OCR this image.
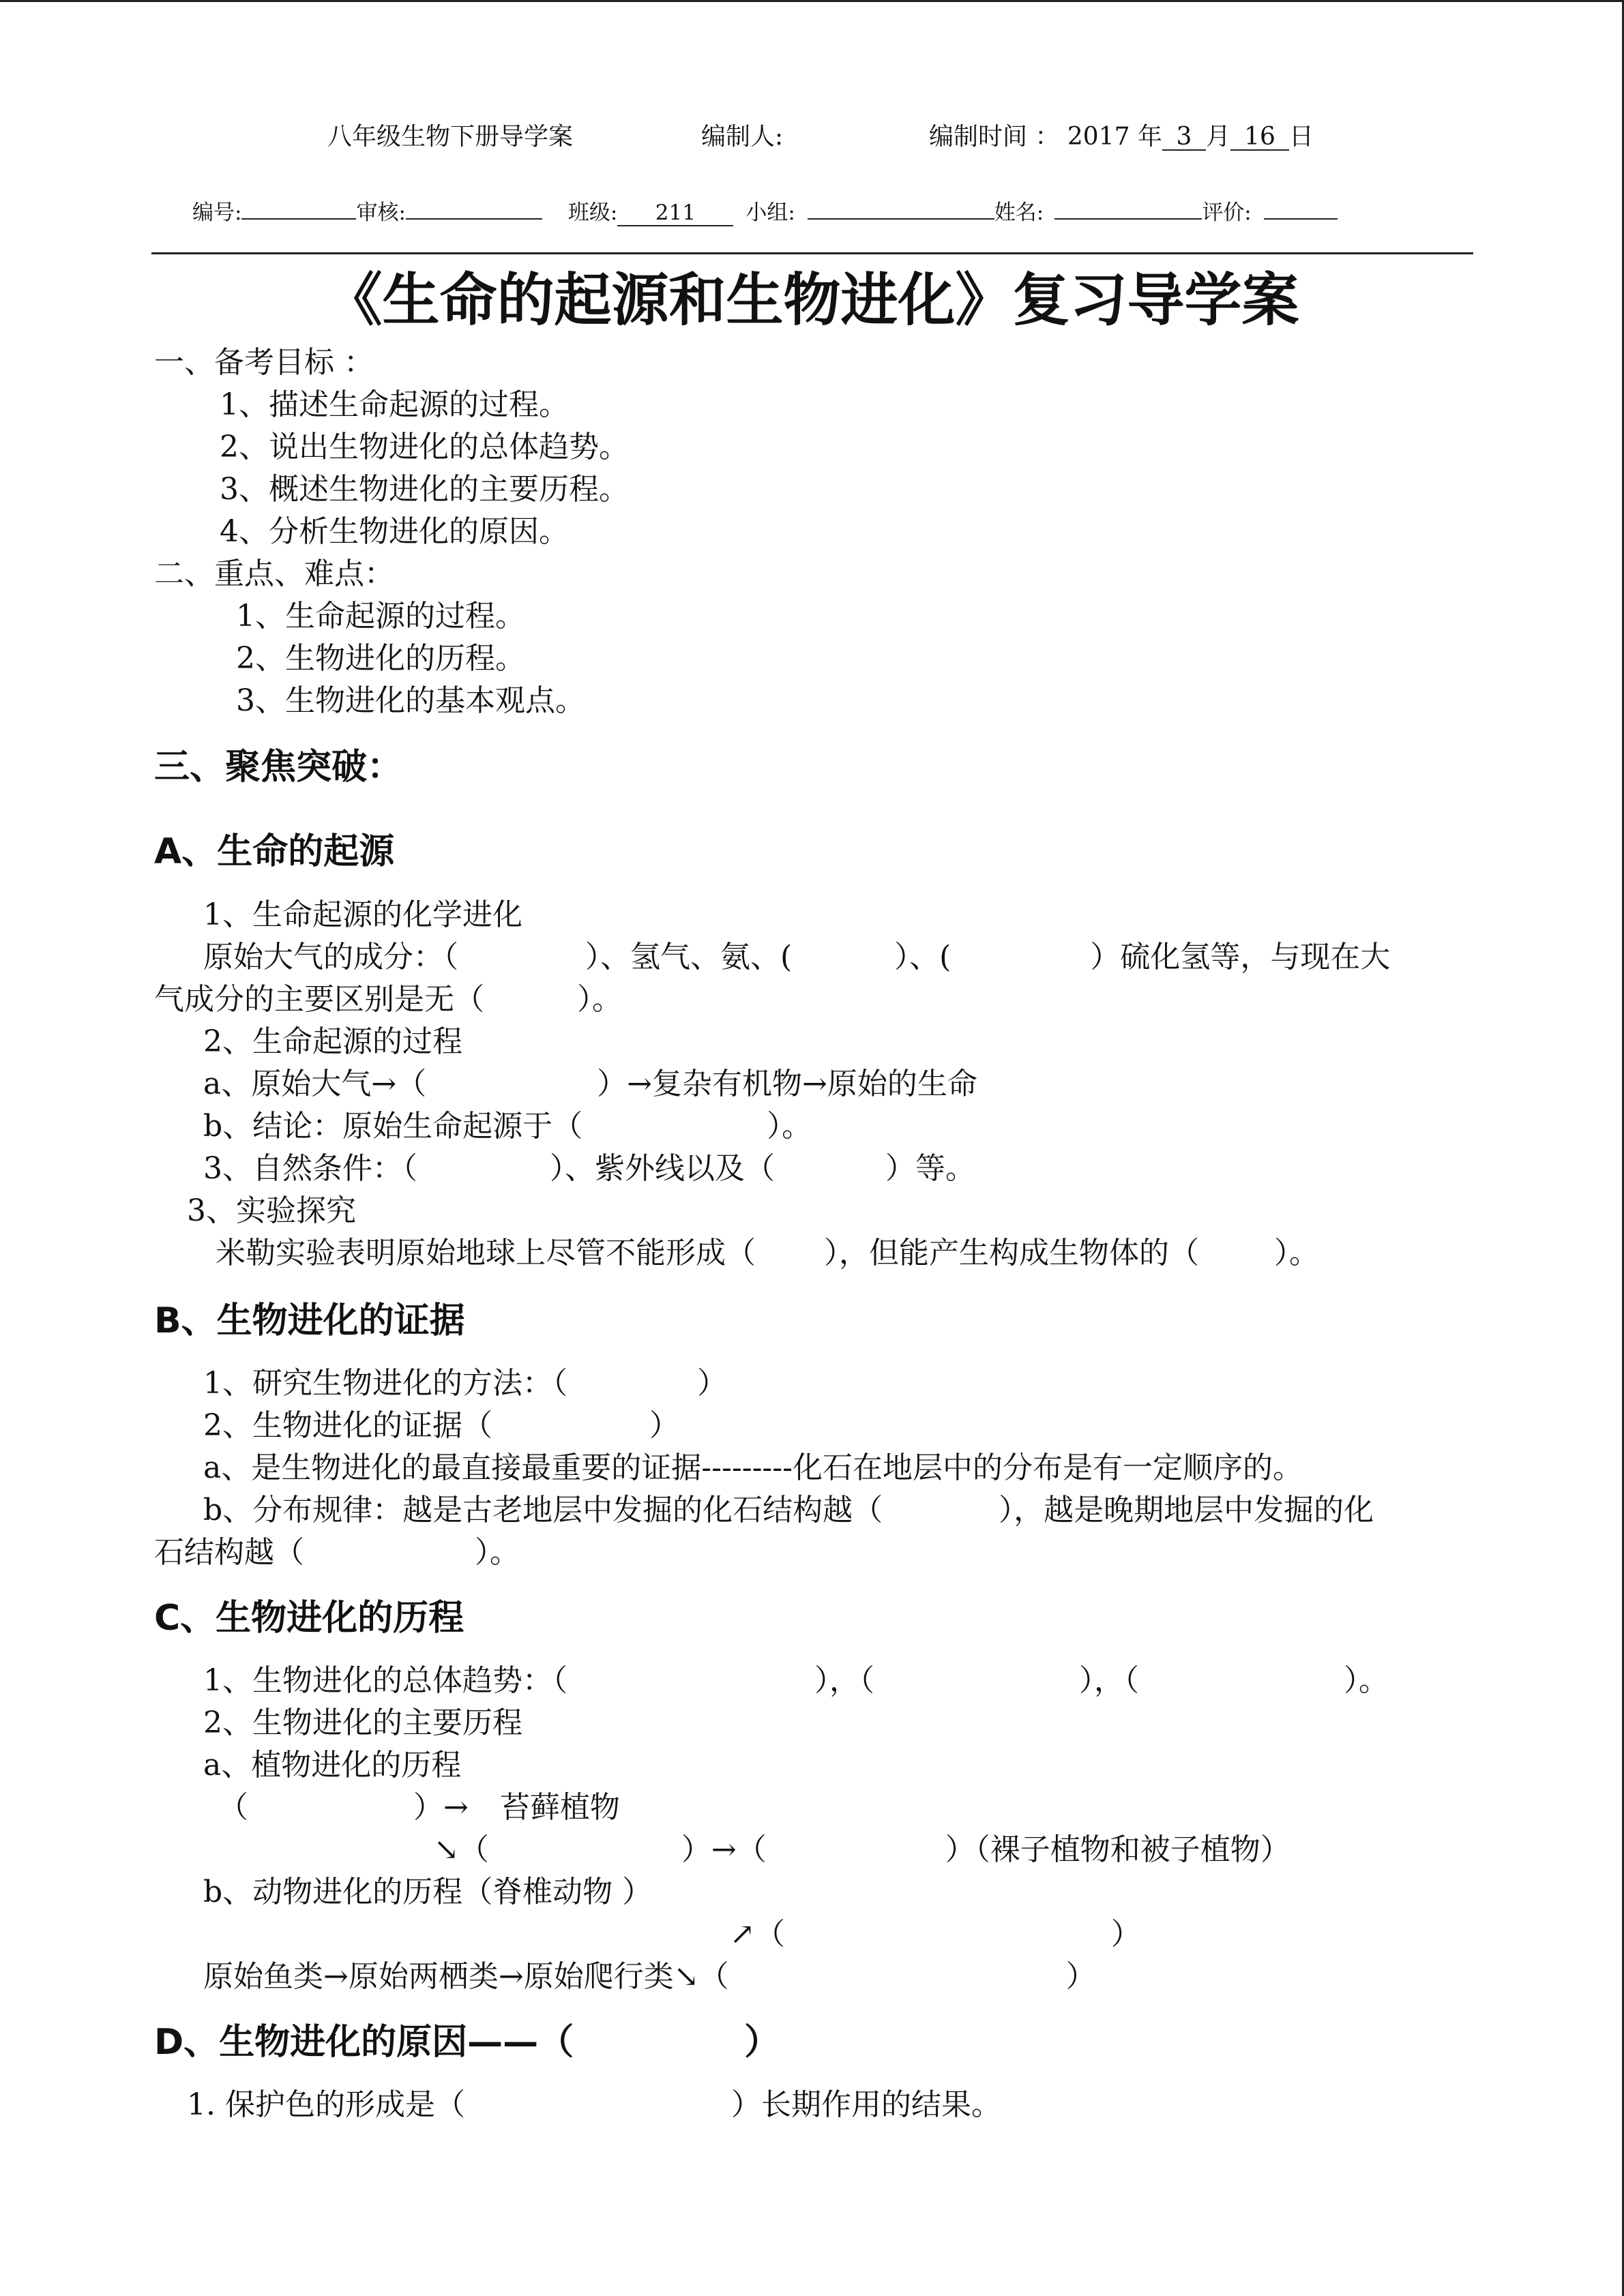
八年级生物下册导学案	编制人:	编制时间 ： 2017 年 3 月 16 日
编号:	审核:	班级: 211 小组:	姓名:	评价:
《生命的起源和生物进化》复习导学案
一、备考目标 ：
1、描述生命起源的过程。
2、说出生物进化的总体趋势。
3、概述生物进化的主要历程。
4、分析生物进化的原因。
二、重点、难点：
1、生命起源的过程。
2、生物进化的历程。
3、生物进化的基本观点。
三、聚焦突破：
A、生命的起源
1、生命起源的化学进化
原始大气的成分：（	）、氢气、氨、(	）、(	）硫化氢等，与现在大
气成分的主要区别是无（	）。
2、生命起源的过程
a、原始大气→（	）→复杂有机物→原始的生命
b、结论：原始生命起源于（	）。
3、自然条件：（	）、紫外线以及（	）等。
3、实验探究
米勒实验表明原始地球上尽管不能形成（ ），但能产生构成生物体的（	）。
B、生物进化的证据
1、研究生物进化的方法：（	）
2、生物进化的证据（	）
a、是生物进化的最直接最重要的证据---------化石在地层中的分布是有一定顺序的。
b、分布规律：越是古老地层中发掘的化石结构越（	），越是晚期地层中发掘的化
石结构越（	）。
C、生物进化的历程
1、生物进化的总体趋势：（	），（	），（	）。
2、生物进化的主要历程
a、植物进化的历程
（	）→ 苔藓植物
↘（	）→（	）（裸子植物和被子植物）
b、动物进化的历程（脊椎动物 ）
↗（	）
原始鱼类→原始两栖类→原始爬行类↘（	）
D、生物进化的原因——（	）
1. 保护色的形成是（	）长期作用的结果。
